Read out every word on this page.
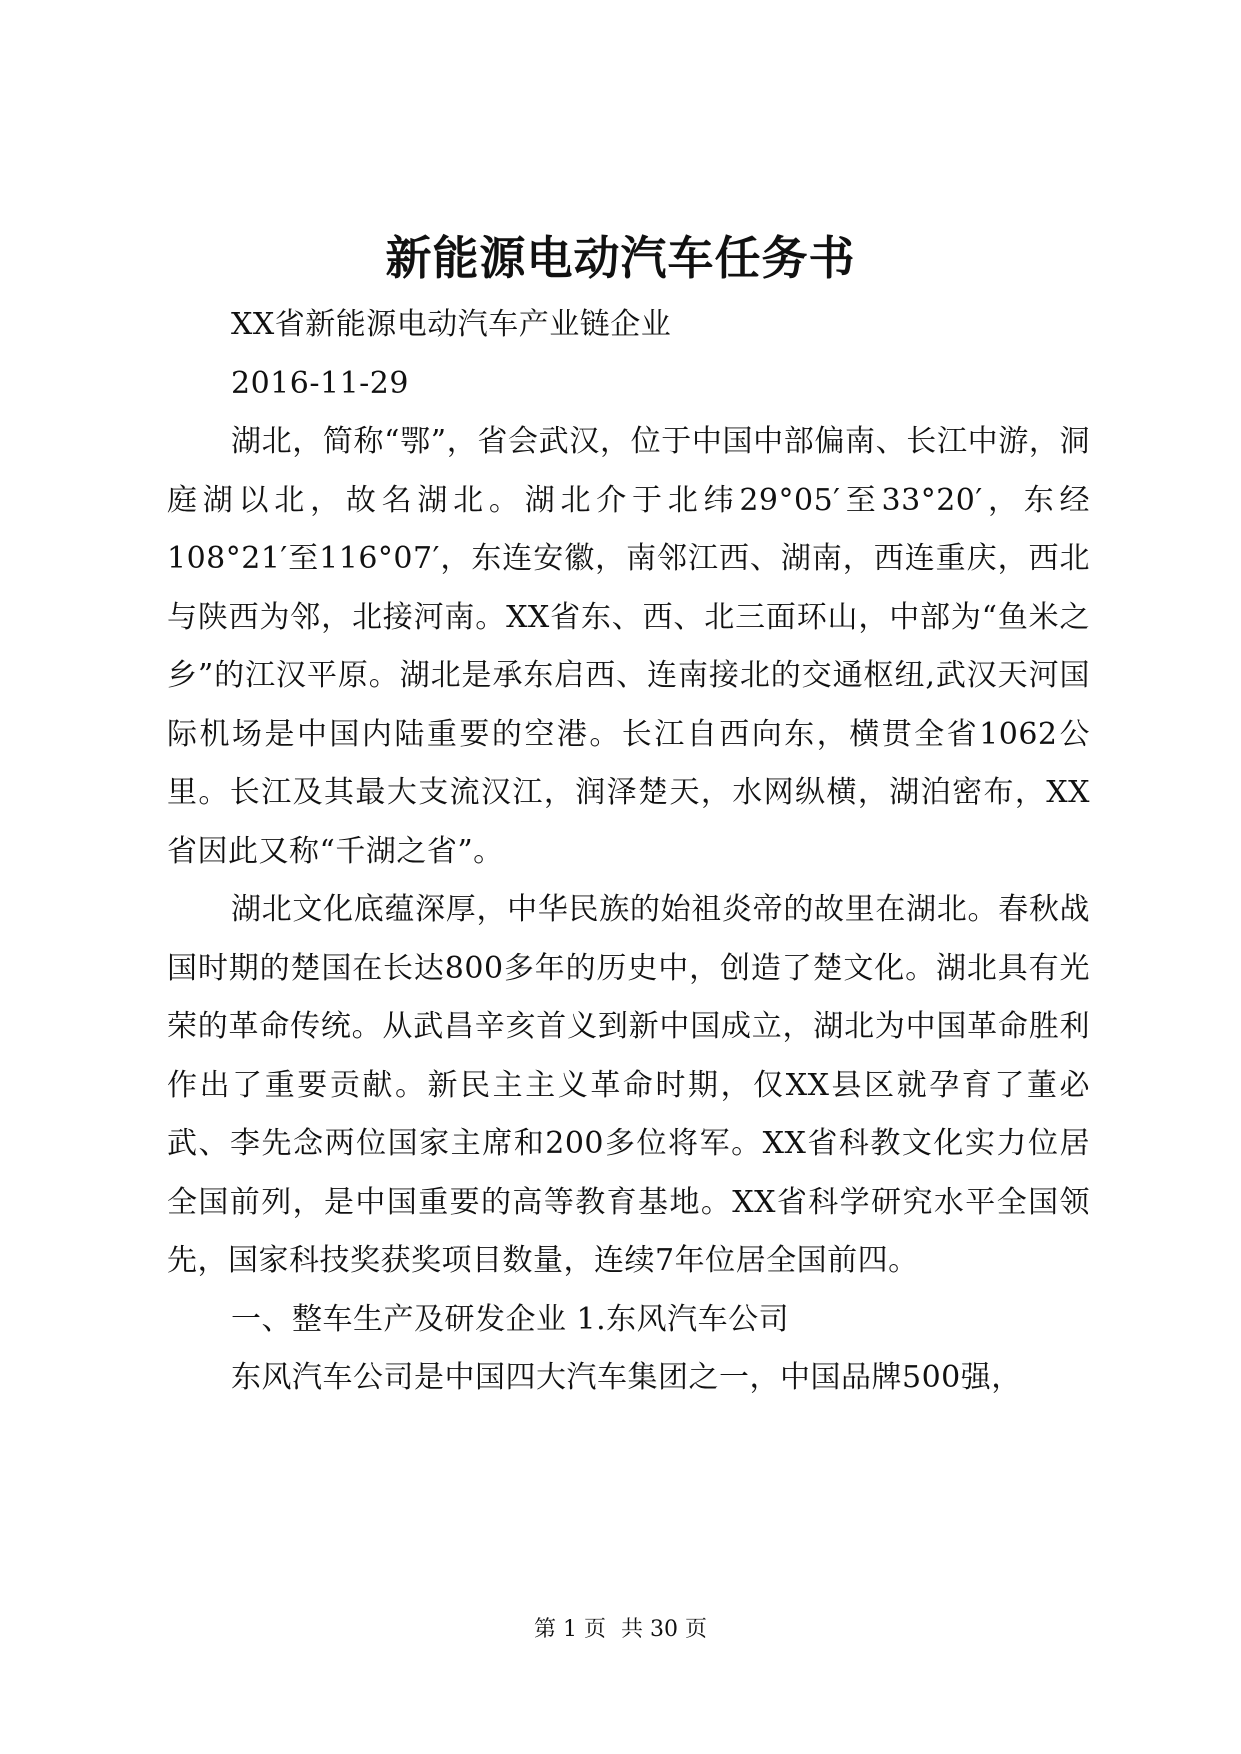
新能源电动汽车任务书

XX省新能源电动汽车产业链企业

2016-11-29

湖北，简称“鄂”，省会武汉，位于中国中部偏南、长江中游，洞庭湖以北，故名湖北。湖北介于北纬29°05′至33°20′，东经108°21′至116°07′，东连安徽，南邻江西、湖南，西连重庆，西北与陕西为邻，北接河南。XX省东、西、北三面环山，中部为“鱼米之乡”的江汉平原。湖北是承东启西、连南接北的交通枢纽,武汉天河国际机场是中国内陆重要的空港。长江自西向东，横贯全省1062公里。长江及其最大支流汉江，润泽楚天，水网纵横，湖泊密布，XX省因此又称“千湖之省”。

湖北文化底蕴深厚，中华民族的始祖炎帝的故里在湖北。春秋战国时期的楚国在长达800多年的历史中，创造了楚文化。湖北具有光荣的革命传统。从武昌辛亥首义到新中国成立，湖北为中国革命胜利作出了重要贡献。新民主主义革命时期，仅XX县区就孕育了董必武、李先念两位国家主席和200多位将军。XX省科教文化实力位居全国前列，是中国重要的高等教育基地。XX省科学研究水平全国领先，国家科技奖获奖项目数量，连续7年位居全国前四。

一、整车生产及研发企业 1.东风汽车公司

东风汽车公司是中国四大汽车集团之一，中国品牌500强，

第 1 页 共 30 页
